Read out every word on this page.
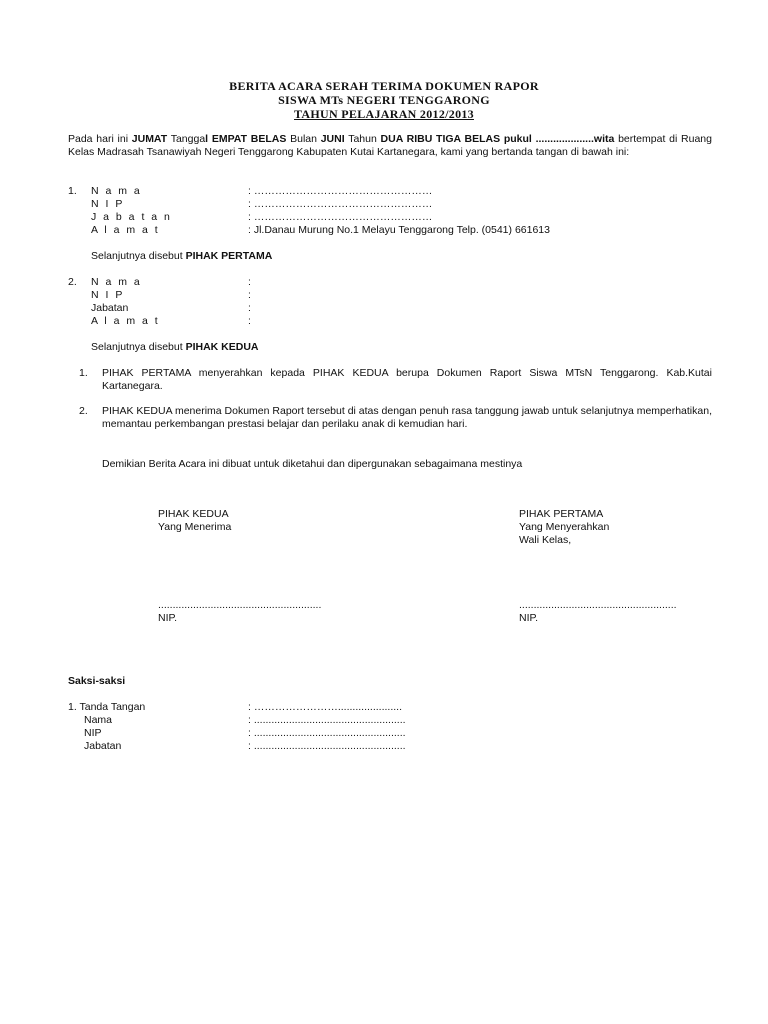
BERITA ACARA SERAH TERIMA DOKUMEN RAPOR
SISWA MTs NEGERI TENGGARONG
TAHUN PELAJARAN 2012/2013
Pada hari ini JUMAT Tanggal EMPAT BELAS Bulan JUNI Tahun DUA RIBU TIGA BELAS pukul ....................wita bertempat di Ruang Kelas Madrasah Tsanawiyah Negeri Tenggarong Kabupaten Kutai Kartanegara, kami yang bertanda tangan di bawah ini:
1. N a m a
N I P
J a b a t a n
A l a m a t
: ……………………………………………
: ……………………………………………
: ……………………………………………
: Jl.Danau Murung No.1 Melayu Tenggarong Telp. (0541) 661613
Selanjutnya disebut PIHAK PERTAMA
2. N a m a
N I P
Jabatan
A l a m a t
:
:
:
:
Selanjutnya disebut PIHAK KEDUA
1. PIHAK PERTAMA menyerahkan kepada PIHAK KEDUA berupa Dokumen Raport Siswa MTsN Tenggarong. Kab.Kutai Kartanegara.
2. PIHAK KEDUA menerima Dokumen Raport tersebut di atas dengan penuh rasa tanggung jawab untuk selanjutnya memperhatikan, memantau perkembangan prestasi belajar dan perilaku anak di kemudian hari.
Demikian Berita Acara ini dibuat untuk diketahui dan dipergunakan sebagaimana mestinya
PIHAK KEDUA
Yang Menerima
........................................................
NIP.
PIHAK PERTAMA
Yang Menyerahkan
Wali Kelas,
......................................................
NIP.
Saksi-saksi
1. Tanda Tangan
Nama
NIP
Jabatan
: ……………………......................
: ....................................................
: ....................................................
: ....................................................
